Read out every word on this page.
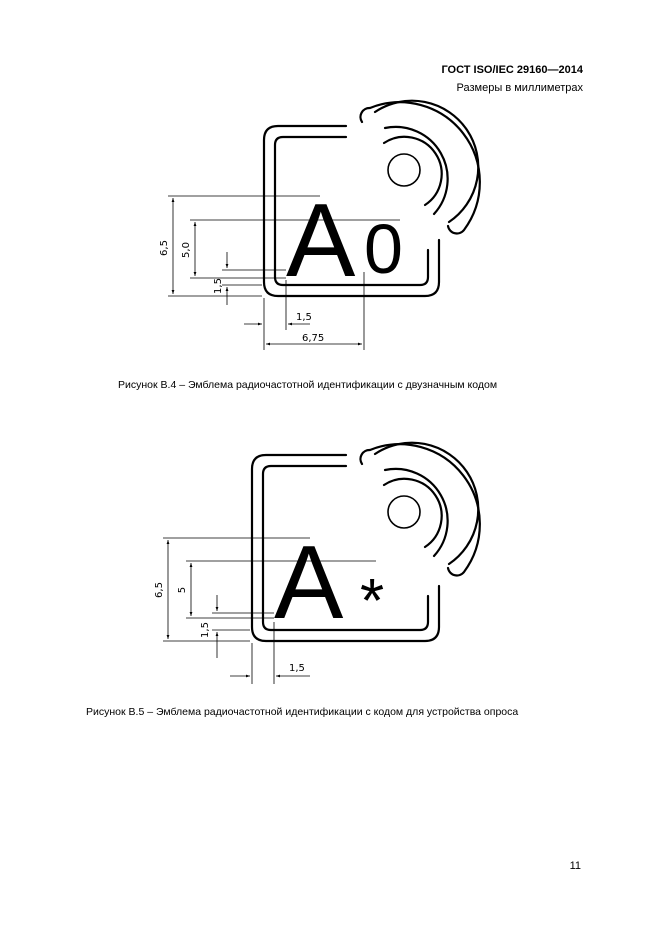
ГОСТ ISO/IEC 29160—2014
Размеры в миллиметрах
A 0
6,5 5,0
1,5
1,5
6,75
A *
6,5 5
1,5
1,5
Рисунок B.4 – Эмблема радиочастотной идентификации с двузначным кодом
Рисунок B.5 – Эмблема радиочастотной идентификации с кодом для устройства опроса
11
